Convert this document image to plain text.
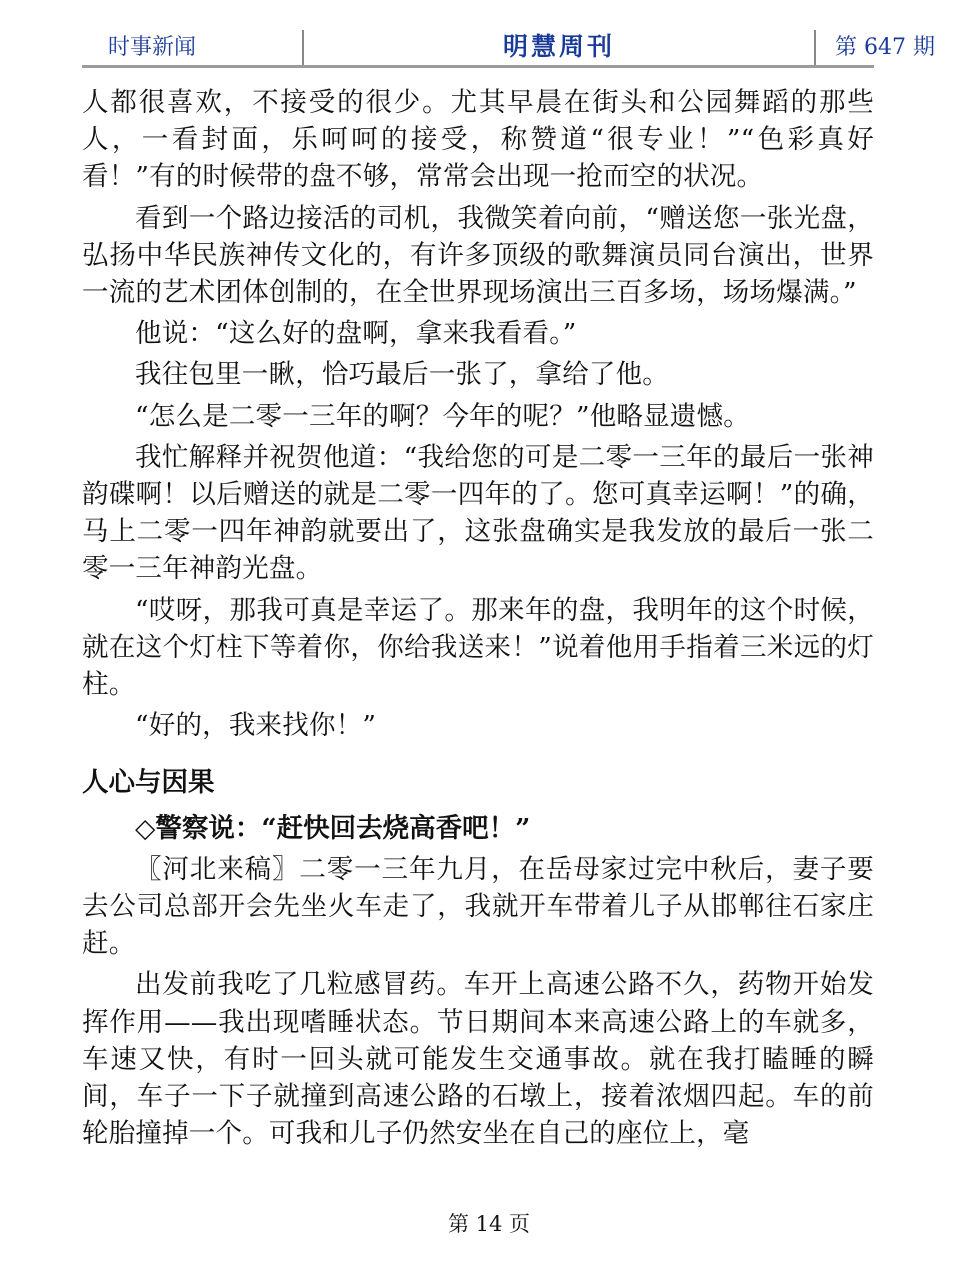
时事新闻	明慧周刊	第 647 期

人都很喜欢，不接受的很少。尤其早晨在街头和公园舞蹈的那些人，一看封面，乐呵呵的接受，称赞道“很专业！”“色彩真好看！”有的时候带的盘不够，常常会出现一抢而空的状况。

看到一个路边接活的司机，我微笑着向前，“赠送您一张光盘，弘扬中华民族神传文化的，有许多顶级的歌舞演员同台演出，世界一流的艺术团体创制的，在全世界现场演出三百多场，场场爆满。”

他说：“这么好的盘啊，拿来我看看。”

我往包里一瞅，恰巧最后一张了，拿给了他。

“怎么是二零一三年的啊？今年的呢？”他略显遗憾。

我忙解释并祝贺他道：“我给您的可是二零一三年的最后一张神韵碟啊！以后赠送的就是二零一四年的了。您可真幸运啊！”的确，马上二零一四年神韵就要出了，这张盘确实是我发放的最后一张二零一三年神韵光盘。

“哎呀，那我可真是幸运了。那来年的盘，我明年的这个时候，就在这个灯柱下等着你，你给我送来！”说着他用手指着三米远的灯柱。

“好的，我来找你！”

人心与因果
◇警察说：“赶快回去烧高香吧！”

〖河北来稿〗二零一三年九月，在岳母家过完中秋后，妻子要去公司总部开会先坐火车走了，我就开车带着儿子从邯郸往石家庄赶。

出发前我吃了几粒感冒药。车开上高速公路不久，药物开始发挥作用——我出现嗜睡状态。节日期间本来高速公路上的车就多，车速又快，有时一回头就可能发生交通事故。就在我打瞌睡的瞬间，车子一下子就撞到高速公路的石墩上，接着浓烟四起。车的前轮胎撞掉一个。可我和儿子仍然安坐在自己的座位上，毫

第 14 页
